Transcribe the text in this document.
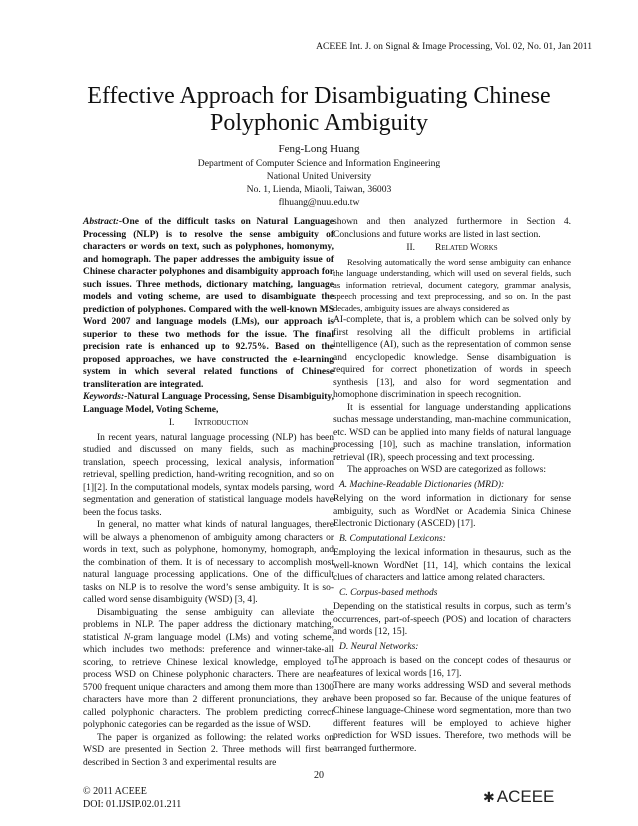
ACEEE Int. J. on Signal & Image Processing, Vol. 02, No. 01, Jan 2011
Effective Approach for Disambiguating Chinese Polyphonic Ambiguity
Feng-Long Huang
Department of Computer Science and Information Engineering
National United University
No. 1, Lienda, Miaoli, Taiwan, 36003
flhuang@nuu.edu.tw

Abstract:-One of the difficult tasks on Natural Language Processing (NLP) is to resolve the sense ambiguity of characters or words on text, such as polyphones, homonymy, and homograph. The paper addresses the ambiguity issue of Chinese character polyphones and disambiguity approach for such issues. Three methods, dictionary matching, language models and voting scheme, are used to disambiguate the prediction of polyphones. Compared with the well-known MS Word 2007 and language models (LMs), our approach is superior to these two methods for the issue. The final precision rate is enhanced up to 92.75%. Based on the proposed approaches, we have constructed the e-learning system in which several related functions of Chinese transliteration are integrated.

Keywords:-Natural Language Processing, Sense Disambiguity, Language Model, Voting Scheme,

I. Introduction

In recent years, natural language processing (NLP) has been studied and discussed on many fields, such as machine translation, speech processing, lexical analysis, information retrieval, spelling prediction, hand-writing recognition, and so on [1][2]. In the computational models, syntax models parsing, word segmentation and generation of statistical language models have been the focus tasks.

In general, no matter what kinds of natural languages, there will be always a phenomenon of ambiguity among characters or words in text, such as polyphone, homonymy, homograph, and the combination of them. It is of necessary to accomplish most natural language processing applications. One of the difficult tasks on NLP is to resolve the word’s sense ambiguity. It is so-called word sense disambiguity (WSD) [3, 4].

Disambiguating the sense ambiguity can alleviate the problems in NLP. The paper address the dictionary matching, statistical N-gram language model (LMs) and voting scheme, which includes two methods: preference and winner-take-all scoring, to retrieve Chinese lexical knowledge, employed to process WSD on Chinese polyphonic characters. There are near 5700 frequent unique characters and among them more than 1300 characters have more than 2 different pronunciations, they are called polyphonic characters. The problem predicting correct polyphonic categories can be regarded as the issue of WSD.

The paper is organized as following: the related works on WSD are presented in Section 2. Three methods will first be described in Section 3 and experimental results are

shown and then analyzed furthermore in Section 4. Conclusions and future works are listed in last section.

II. Related Works

Resolving automatically the word sense ambiguity can enhance the language understanding, which will used on several fields, such as information retrieval, document category, grammar analysis, speech processing and text preprocessing, and so on. In the past decades, ambiguity issues are always considered as

AI-complete, that is, a problem which can be solved only by first resolving all the difficult problems in artificial intelligence (AI), such as the representation of common sense and encyclopedic knowledge. Sense disambiguation is required for correct phonetization of words in speech synthesis [13], and also for word segmentation and homophone discrimination in speech recognition.

It is essential for language understanding applications suchas message understanding, man-machine communication, etc. WSD can be applied into many fields of natural language processing [10], such as machine translation, information retrieval (IR), speech processing and text processing.

The approaches on WSD are categorized as follows:

A. Machine-Readable Dictionaries (MRD):

Relying on the word information in dictionary for sense ambiguity, such as WordNet or Academia Sinica Chinese Electronic Dictionary (ASCED) [17].

B. Computational Lexicons:

Employing the lexical information in thesaurus, such as the well-known WordNet [11, 14], which contains the lexical clues of characters and lattice among related characters.

C. Corpus-based methods

Depending on the statistical results in corpus, such as term’s occurrences, part-of-speech (POS) and location of characters and words [12, 15].

D. Neural Networks:

The approach is based on the concept codes of thesaurus or features of lexical words [16, 17].

There are many works addressing WSD and several methods have been proposed so far. Because of the unique features of Chinese language-Chinese word segmentation, more than two different features will be employed to achieve higher prediction for WSD issues. Therefore, two methods will be arranged furthermore.

20
© 2011 ACEEE
DOI: 01.IJSIP.02.01.211	✱ ACEEE
